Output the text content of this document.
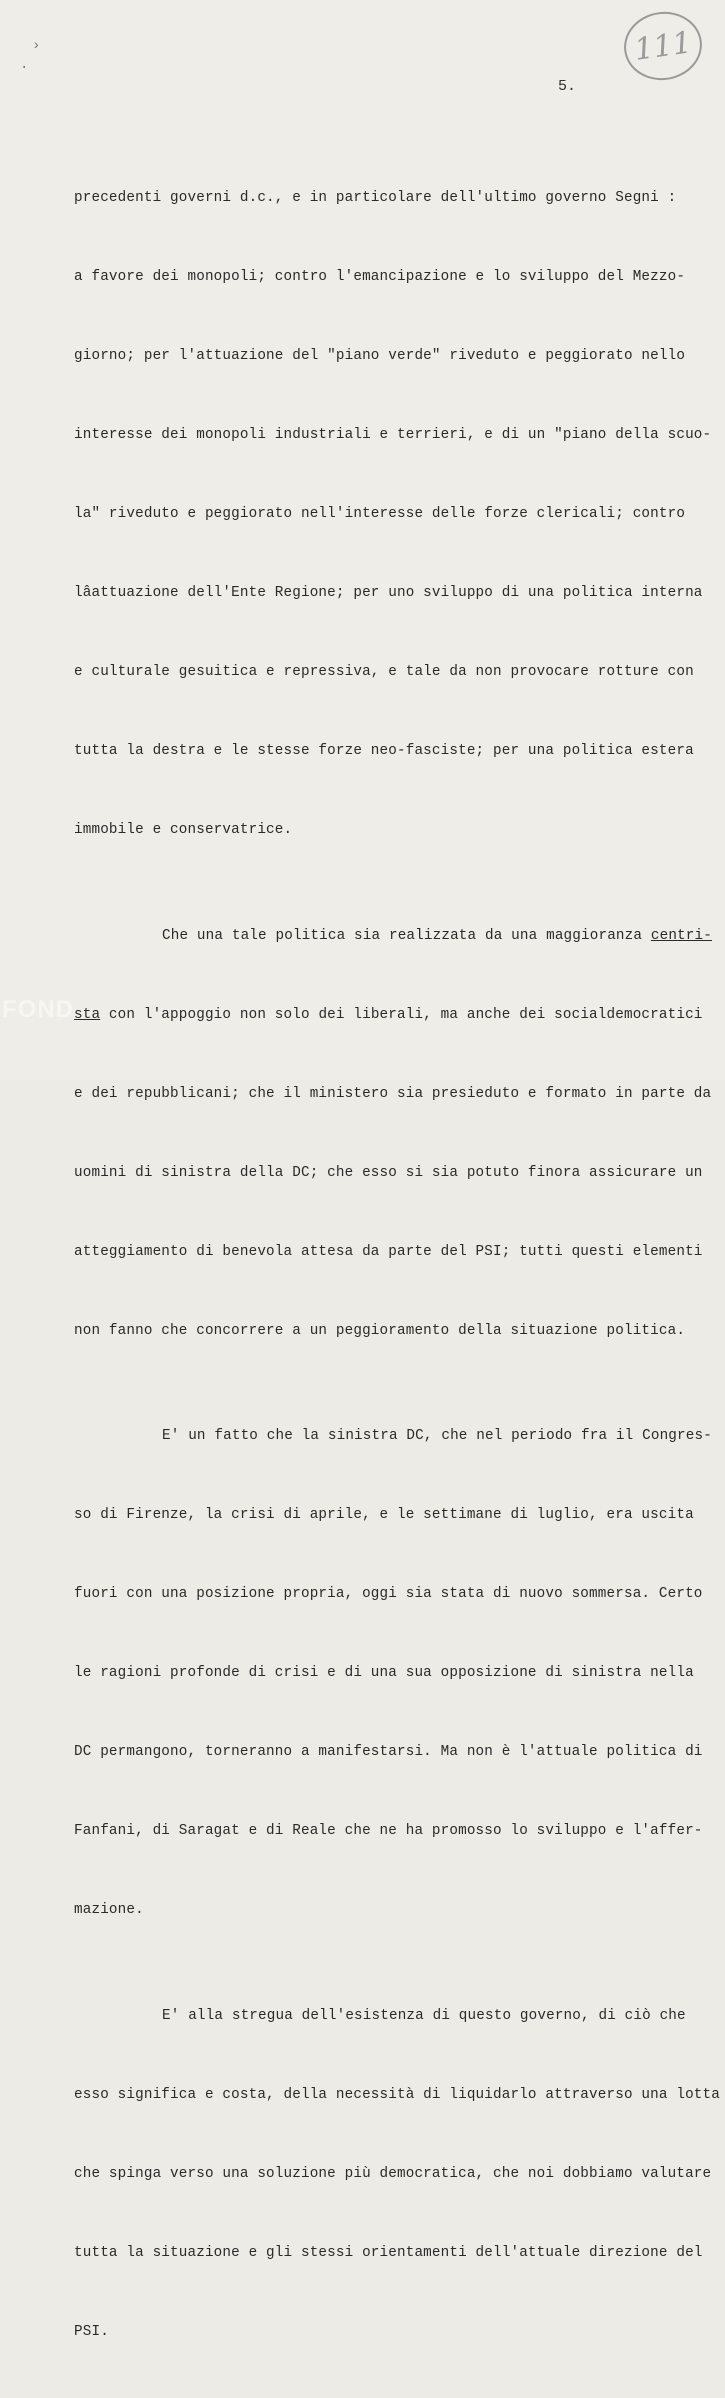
111
›
·
5.

precedenti governi d.c., e in particolare dell'ultimo governo Segni :

a favore dei monopoli; contro l'emancipazione e lo sviluppo del Mezzo-

giorno; per l'attuazione del "piano verde" riveduto e peggiorato nello

interesse dei monopoli industriali e terrieri, e di un "piano della scuo-

la" riveduto e peggiorato nell'interesse delle forze clericali; contro

lâattuazione dell'Ente Regione; per uno sviluppo di una politica interna

e culturale gesuitica e repressiva, e tale da non provocare rotture con

tutta la destra e le stesse forze neo-fasciste; per una politica estera

immobile e conservatrice.

Che una tale politica sia realizzata da una maggioranza centri-

sta con l'appoggio non solo dei liberali, ma anche dei socialdemocratici

e dei repubblicani; che il ministero sia presieduto e formato in parte da

uomini di sinistra della DC; che esso si sia potuto finora assicurare un

atteggiamento di benevola attesa da parte del PSI; tutti questi elementi

non fanno che concorrere a un peggioramento della situazione politica.

E' un fatto che la sinistra DC, che nel periodo fra il Congres-

so di Firenze, la crisi di aprile, e le settimane di luglio, era uscita

fuori con una posizione propria, oggi sia stata di nuovo sommersa. Certo

le ragioni profonde di crisi e di una sua opposizione di sinistra nella

DC permangono, torneranno a manifestarsi. Ma non è l'attuale politica di

Fanfani, di Saragat e di Reale che ne ha promosso lo sviluppo e l'affer-

mazione.

E' alla stregua dell'esistenza di questo governo, di ciò che

esso significa e costa, della necessità di liquidarlo attraverso una lotta

che spinga verso una soluzione più democratica, che noi dobbiamo valutare

tutta la situazione e gli stessi orientamenti dell'attuale direzione del

PSI.

FOND
